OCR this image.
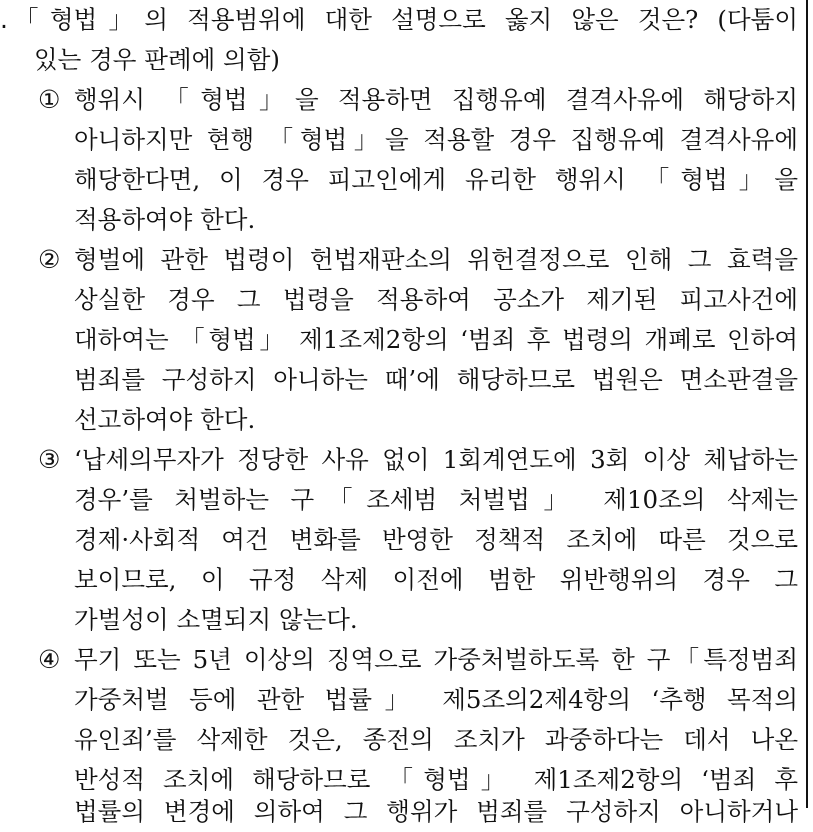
. 「형법」의 적용범위에 대한 설명으로 옳지 않은 것은? (다툼이
있는 경우 판례에 의함)
① 행위시 「형법」을 적용하면 집행유예 결격사유에 해당하지
아니하지만 현행 「형법」을 적용할 경우 집행유예 결격사유에
해당한다면, 이 경우 피고인에게 유리한 행위시 「형법」을
적용하여야 한다.
② 형벌에 관한 법령이 헌법재판소의 위헌결정으로 인해 그 효력을
상실한 경우 그 법령을 적용하여 공소가 제기된 피고사건에
대하여는 「형법」 제1조제2항의 ‘범죄 후 법령의 개폐로 인하여
범죄를 구성하지 아니하는 때’에 해당하므로 법원은 면소판결을
선고하여야 한다.
③ ‘납세의무자가 정당한 사유 없이 1회계연도에 3회 이상 체납하는
경우’를 처벌하는 구「조세범 처벌법」 제10조의 삭제는
경제·사회적 여건 변화를 반영한 정책적 조치에 따른 것으로
보이므로, 이 규정 삭제 이전에 범한 위반행위의 경우 그
가벌성이 소멸되지 않는다.
④ 무기 또는 5년 이상의 징역으로 가중처벌하도록 한 구「특정범죄
가중처벌 등에 관한 법률」 제5조의2제4항의 ‘추행 목적의
유인죄’를 삭제한 것은, 종전의 조치가 과중하다는 데서 나온
반성적 조치에 해당하므로 「형법」 제1조제2항의 ‘범죄 후
법률의 변경에 의하여 그 행위가 범죄를 구성하지 아니하거나
